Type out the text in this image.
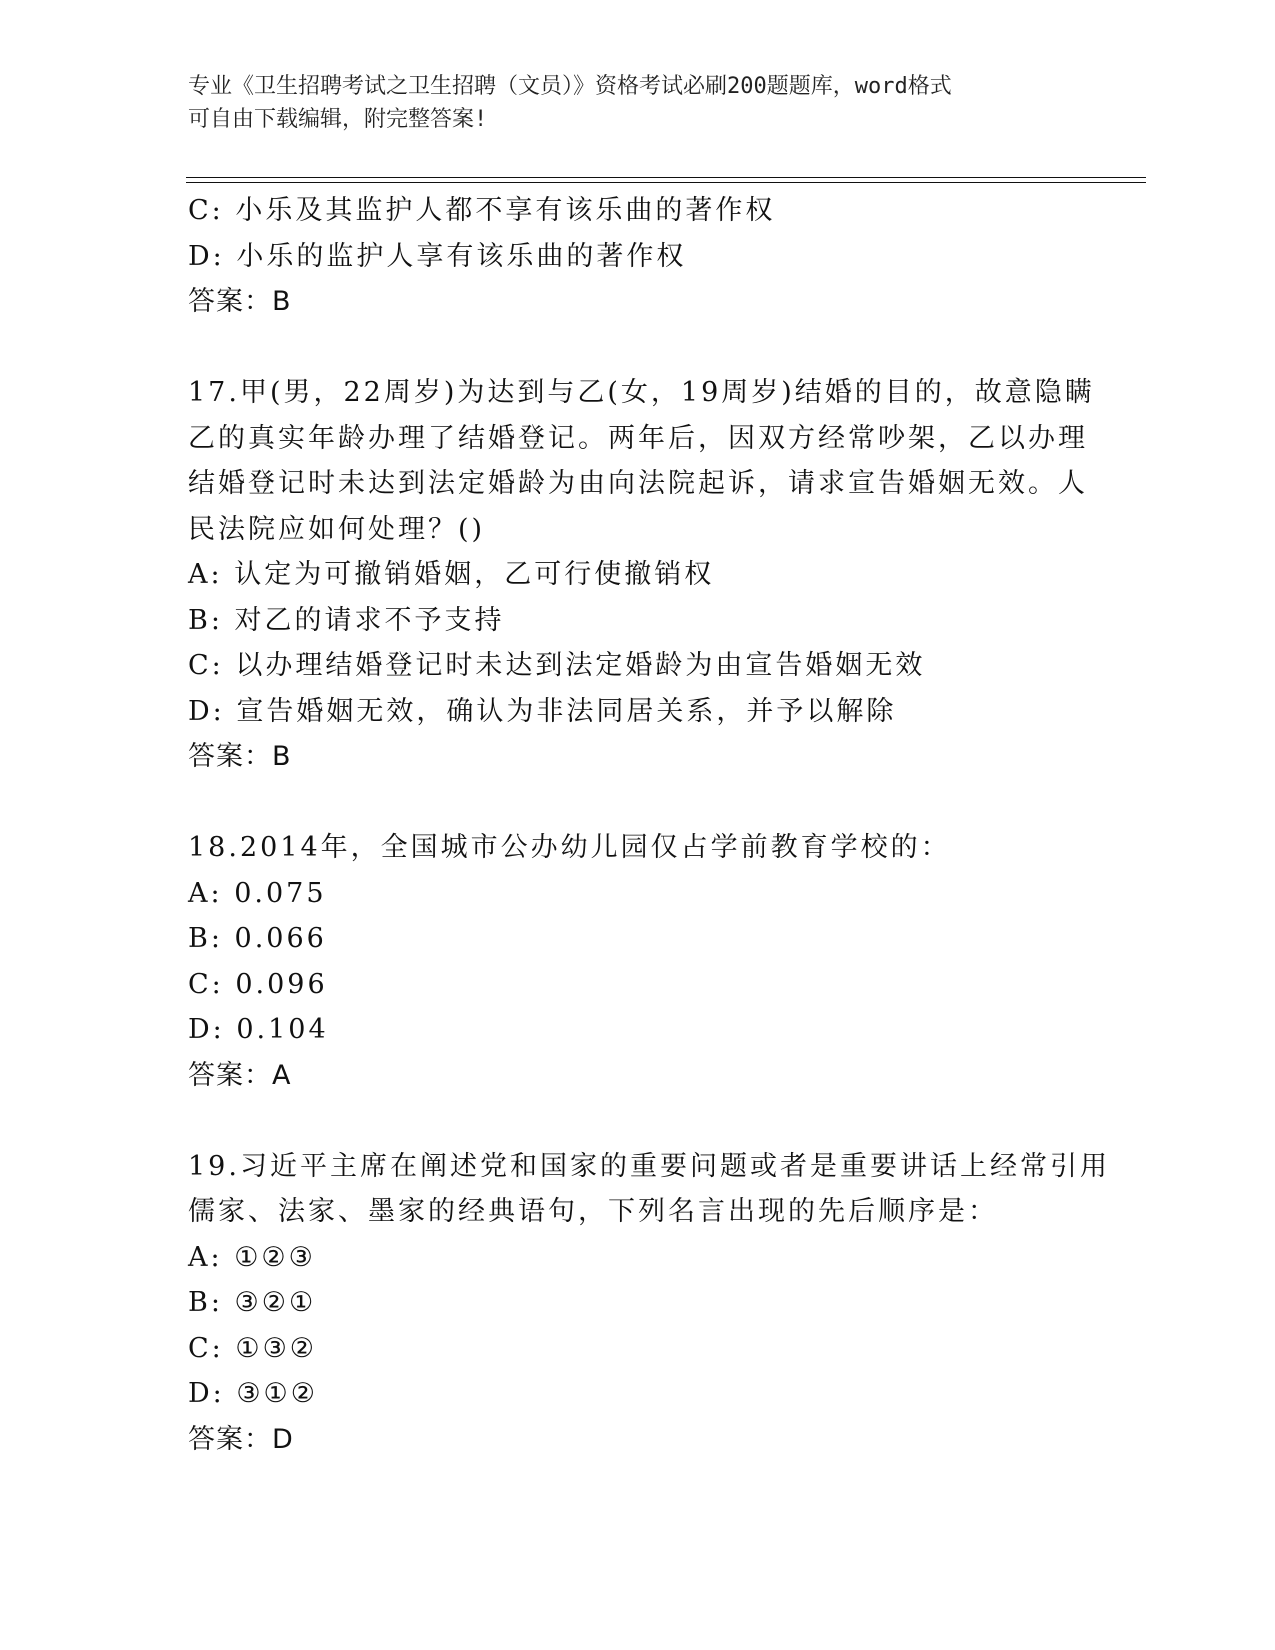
专业《卫生招聘考试之卫生招聘（文员）》资格考试必刷200题题库，word格式
可自由下载编辑，附完整答案!
C: 小乐及其监护人都不享有该乐曲的著作权
D: 小乐的监护人享有该乐曲的著作权
答案：B
17.甲(男，22周岁)为达到与乙(女，19周岁)结婚的目的，故意隐瞒
乙的真实年龄办理了结婚登记。两年后，因双方经常吵架，乙以办理
结婚登记时未达到法定婚龄为由向法院起诉，请求宣告婚姻无效。人
民法院应如何处理？()
A: 认定为可撤销婚姻，乙可行使撤销权
B: 对乙的请求不予支持
C: 以办理结婚登记时未达到法定婚龄为由宣告婚姻无效
D: 宣告婚姻无效，确认为非法同居关系，并予以解除
答案：B
18.2014年，全国城市公办幼儿园仅占学前教育学校的：
A: 0.075
B: 0.066
C: 0.096
D: 0.104
答案：A
19.习近平主席在阐述党和国家的重要问题或者是重要讲话上经常引用
儒家、法家、墨家的经典语句，下列名言出现的先后顺序是：
A: ①②③
B: ③②①
C: ①③②
D: ③①②
答案：D
